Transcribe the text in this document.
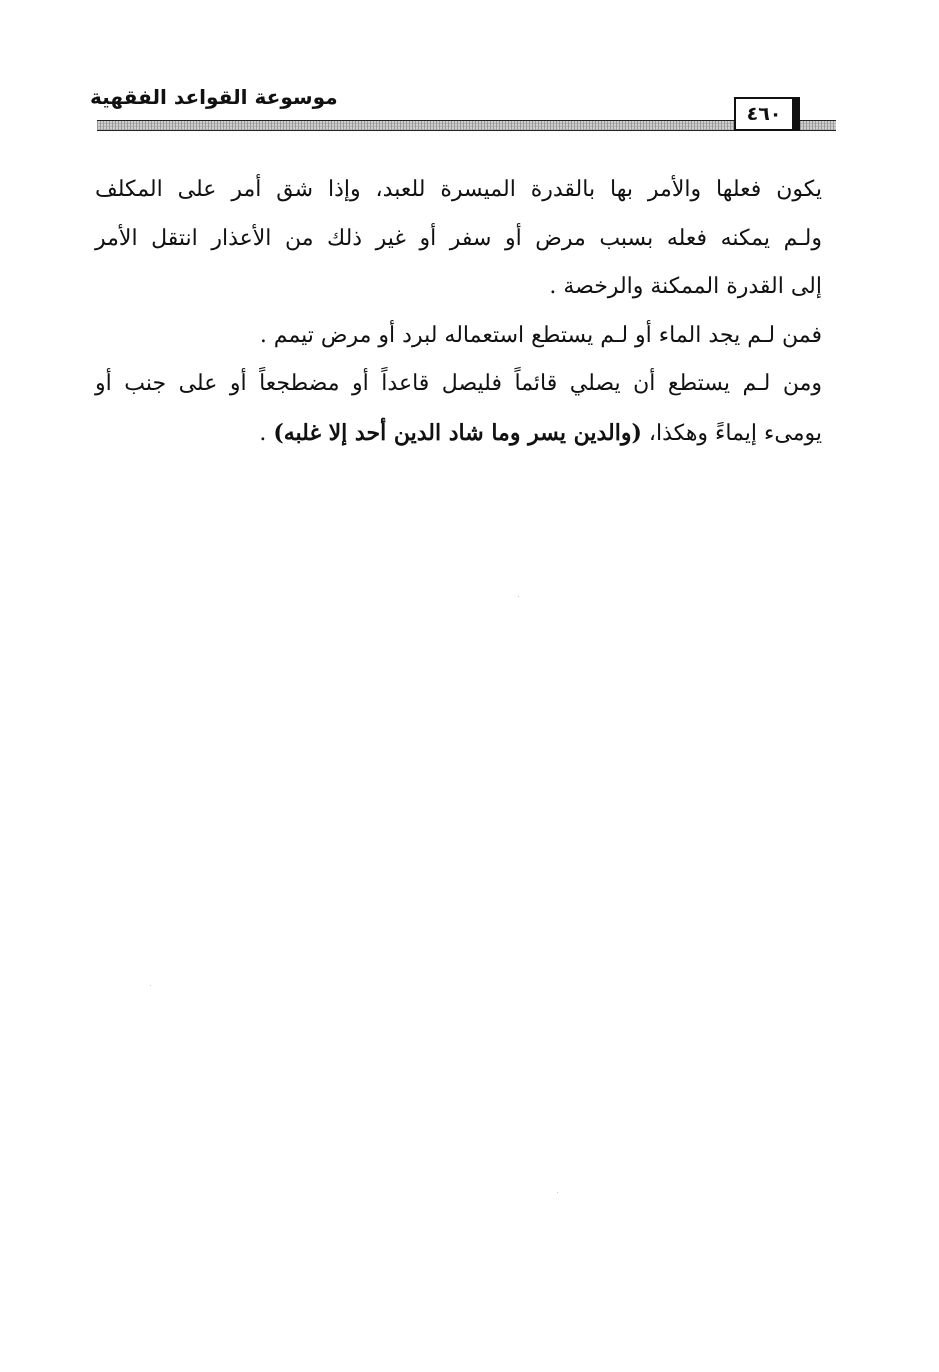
موسوعة القواعد الفقهية
٤٦٠
يكون فعلها والأمر بها بالقدرة الميسرة للعبد، وإذا شق أمر على المكلف
ولـم يمكنه فعله بسبب مرض أو سفر أو غير ذلك من الأعذار انتقل الأمر
إلى القدرة الممكنة والرخصة .
فمن لـم يجد الماء أو لـم يستطع استعماله لبرد أو مرض تيمم .
ومن لـم يستطع أن يصلي قائماً فليصل قاعداً أو مضطجعاً أو على جنب أو
يومىء إيماءً وهكذا، (والدين يسر وما شاد الدين أحد إلا غلبه) .
